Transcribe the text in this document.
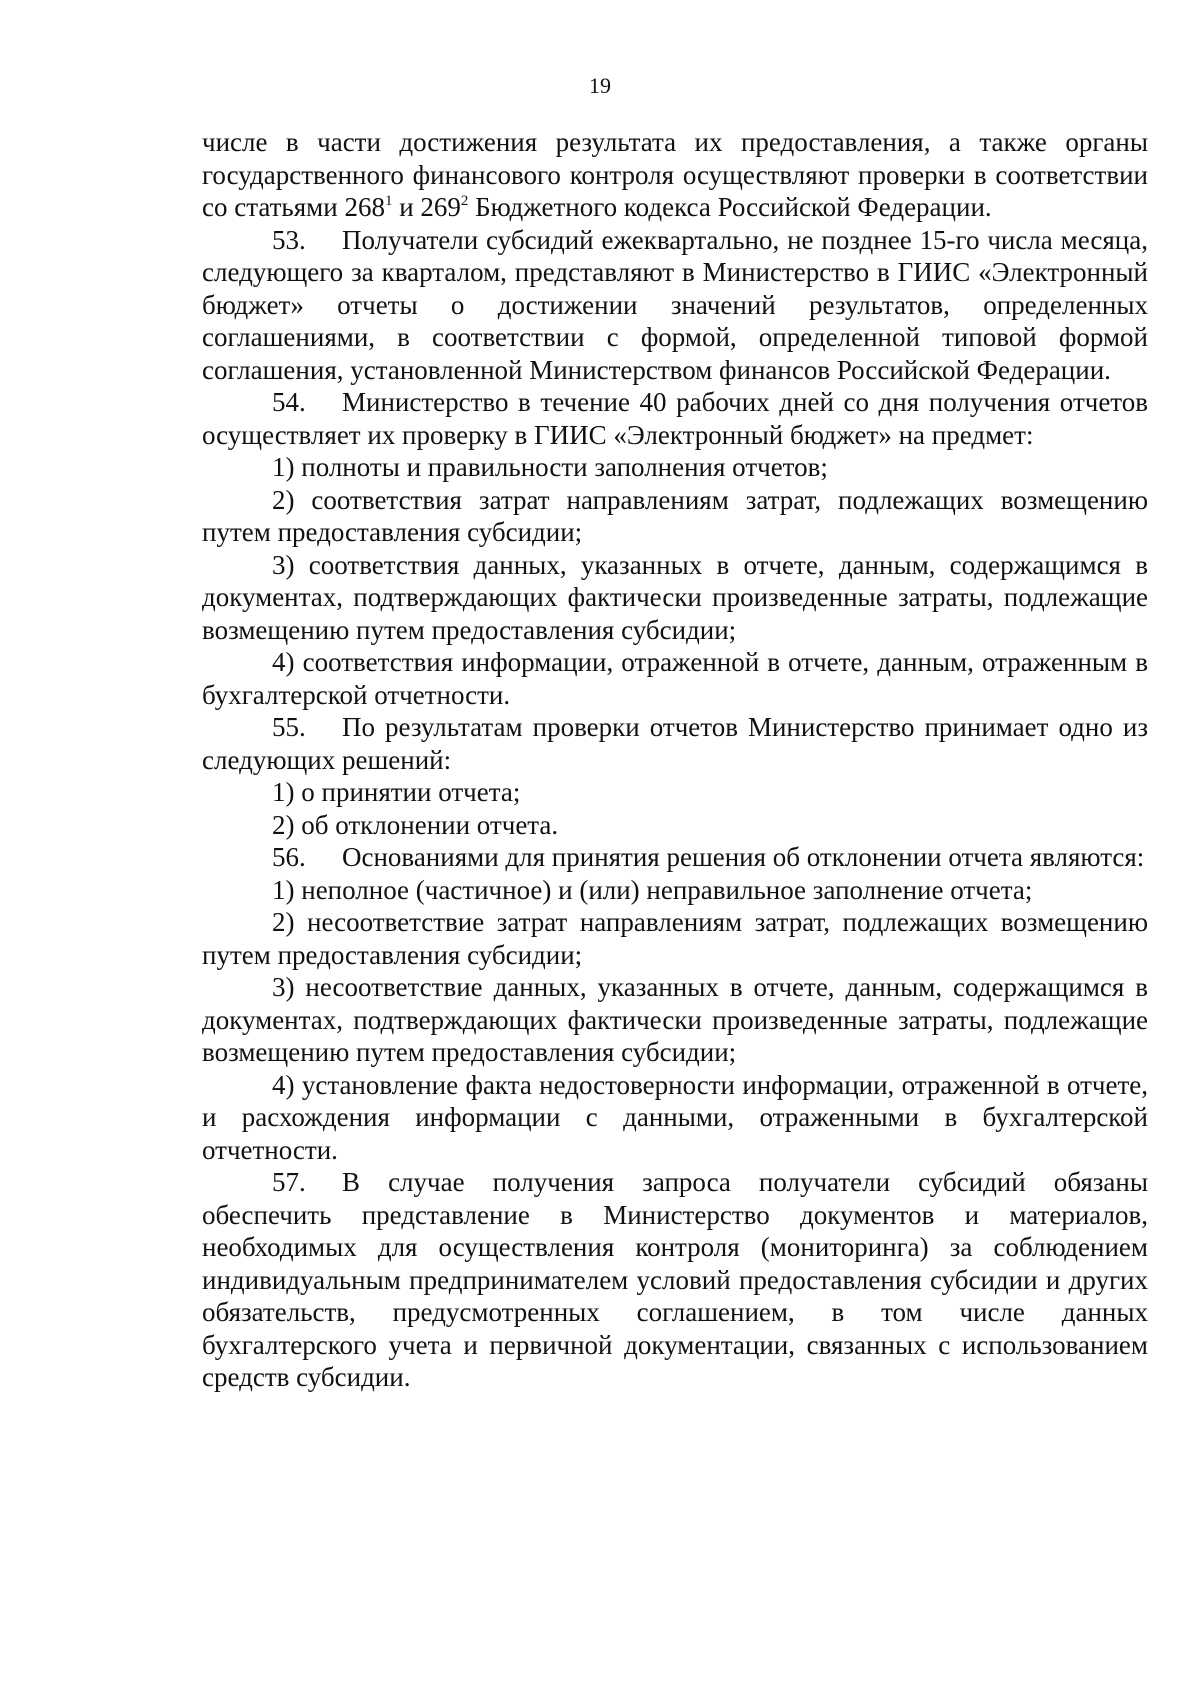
19

числе в части достижения результата их предоставления, а также органы государственного финансового контроля осуществляют проверки в соответствии со статьями $268^1$ и $269^2$ Бюджетного кодекса Российской Федерации.

53. Получатели субсидий ежеквартально, не позднее 15-го числа месяца, следующего за кварталом, представляют в Министерство в ГИИС «Электронный бюджет» отчеты о достижении значений результатов, определенных соглашениями, в соответствии с формой, определенной типовой формой соглашения, установленной Министерством финансов Российской Федерации.

54. Министерство в течение 40 рабочих дней со дня получения отчетов осуществляет их проверку в ГИИС «Электронный бюджет» на предмет:

1) полноты и правильности заполнения отчетов;

2) соответствия затрат направлениям затрат, подлежащих возмещению путем предоставления субсидии;

3) соответствия данных, указанных в отчете, данным, содержащимся в документах, подтверждающих фактически произведенные затраты, подлежащие возмещению путем предоставления субсидии;

4) соответствия информации, отраженной в отчете, данным, отраженным в бухгалтерской отчетности.

55. По результатам проверки отчетов Министерство принимает одно из следующих решений:

1) о принятии отчета;

2) об отклонении отчета.

56. Основаниями для принятия решения об отклонении отчета являются:

1) неполное (частичное) и (или) неправильное заполнение отчета;

2) несоответствие затрат направлениям затрат, подлежащих возмещению путем предоставления субсидии;

3) несоответствие данных, указанных в отчете, данным, содержащимся в документах, подтверждающих фактически произведенные затраты, подлежащие возмещению путем предоставления субсидии;

4) установление факта недостоверности информации, отраженной в отчете, и расхождения информации с данными, отраженными в бухгалтерской отчетности.

57. В случае получения запроса получатели субсидий обязаны обеспечить представление в Министерство документов и материалов, необходимых для осуществления контроля (мониторинга) за соблюдением индивидуальным предпринимателем условий предоставления субсидии и других обязательств, предусмотренных соглашением, в том числе данных бухгалтерского учета и первичной документации, связанных с использованием средств субсидии.
